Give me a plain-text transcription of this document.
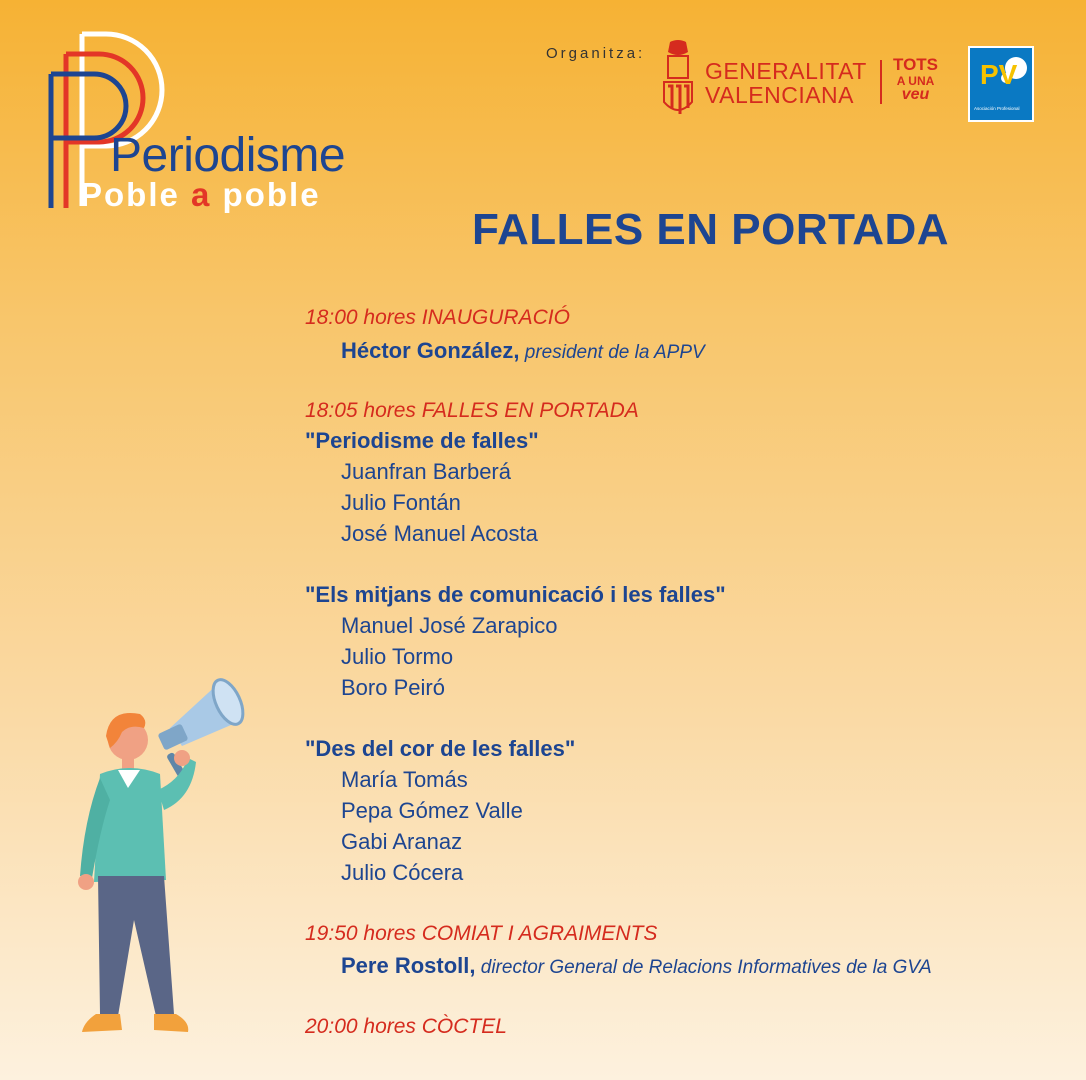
Periodisme
Poble a poble
Organitza:
GENERALITAT
VALENCIANA
TOTS
A UNA
veu
PV
Asociación Profesional
FALLES EN PORTADA
18:00 hores INAUGURACIÓ
Héctor González, president de la APPV
18:05 hores FALLES EN PORTADA
"Periodisme de falles"
Juanfran Barberá
Julio Fontán
José Manuel Acosta
"Els mitjans de comunicació i les falles"
Manuel José Zarapico
Julio Tormo
Boro Peiró
"Des del cor de les falles"
María Tomás
Pepa Gómez Valle
Gabi Aranaz
Julio Cócera
19:50 hores COMIAT I AGRAIMENTS
Pere Rostoll, director General de Relacions Informatives de la GVA
20:00 hores CÒCTEL
